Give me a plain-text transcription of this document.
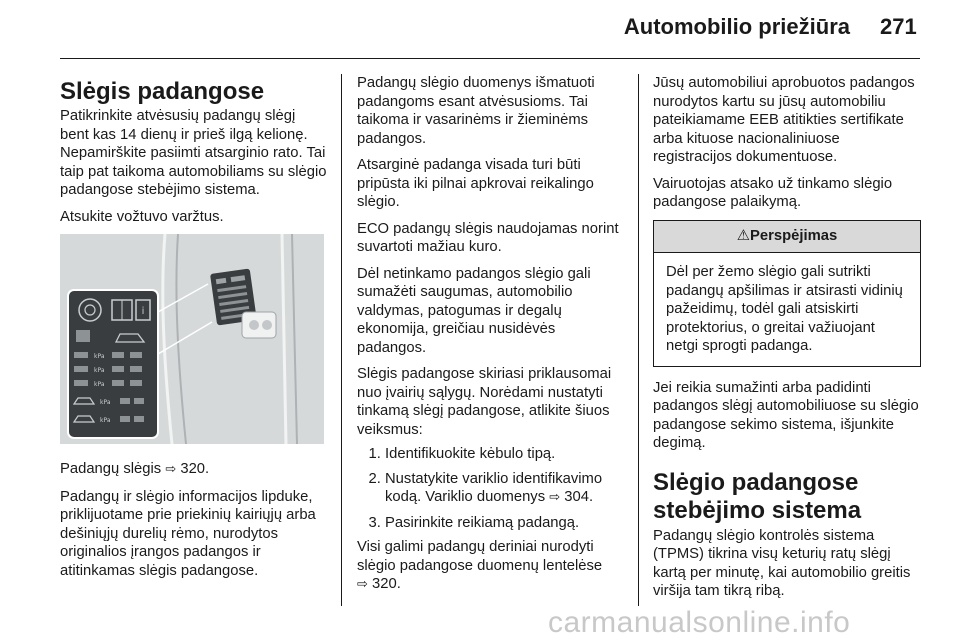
Automobilio priežiūra 271
Slėgis padangose

Patikrinkite atvėsusių padangų slėgį bent kas 14 dienų ir prieš ilgą kelionę. Nepamirškite pasiimti atsarginio rato. Tai taip pat taikoma automobiliams su slėgio padangose stebėjimo sistema.

Atsukite vožtuvo varžtus.

i
kPa
kPa
kPa
kPa
kPa

Padangų slėgis ⇨ 320.

Padangų ir slėgio informacijos lipduke, priklijuotame prie priekinių kairiųjų arba dešiniųjų durelių rėmo, nurodytos originalios įrangos padangos ir atitinkamas slėgis padangose.

Padangų slėgio duomenys išmatuoti padangoms esant atvėsusioms. Tai taikoma ir vasarinėms ir žieminėms padangos.

Atsarginė padanga visada turi būti pripūsta iki pilnai apkrovai reikalingo slėgio.

ECO padangų slėgis naudojamas norint suvartoti mažiau kuro.

Dėl netinkamo padangos slėgio gali sumažėti saugumas, automobilio valdymas, patogumas ir degalų ekonomija, greičiau nusidėvės padangos.

Slėgis padangose skiriasi priklausomai nuo įvairių sąlygų. Norėdami nustatyti tinkamą slėgį padangose, atlikite šiuos veiksmus:

1. Identifikuokite kėbulo tipą.
2. Nustatykite variklio identifikavimo kodą. Variklio duomenys ⇨ 304.
3. Pasirinkite reikiamą padangą.

Visi galimi padangų deriniai nurodyti slėgio padangose duomenų lentelėse
⇨ 320.

Jūsų automobiliui aprobuotos padangos nurodytos kartu su jūsų automobiliu pateikiamame EEB atitikties sertifikate arba kituose nacionaliniuose registracijos dokumentuose.

Vairuotojas atsako už tinkamo slėgio padangose palaikymą.

⚠Perspėjimas
Dėl per žemo slėgio gali sutrikti padangų apšilimas ir atsirasti vidinių pažeidimų, todėl gali atsiskirti protektorius, o greitai važiuojant netgi sprogti padanga.

Jei reikia sumažinti arba padidinti padangos slėgį automobiliuose su slėgio padangose sekimo sistema, išjunkite degimą.

Slėgio padangose stebėjimo sistema

Padangų slėgio kontrolės sistema (TPMS) tikrina visų keturių ratų slėgį kartą per minutę, kai automobilio greitis viršija tam tikrą ribą.

carmanualsonline.info
